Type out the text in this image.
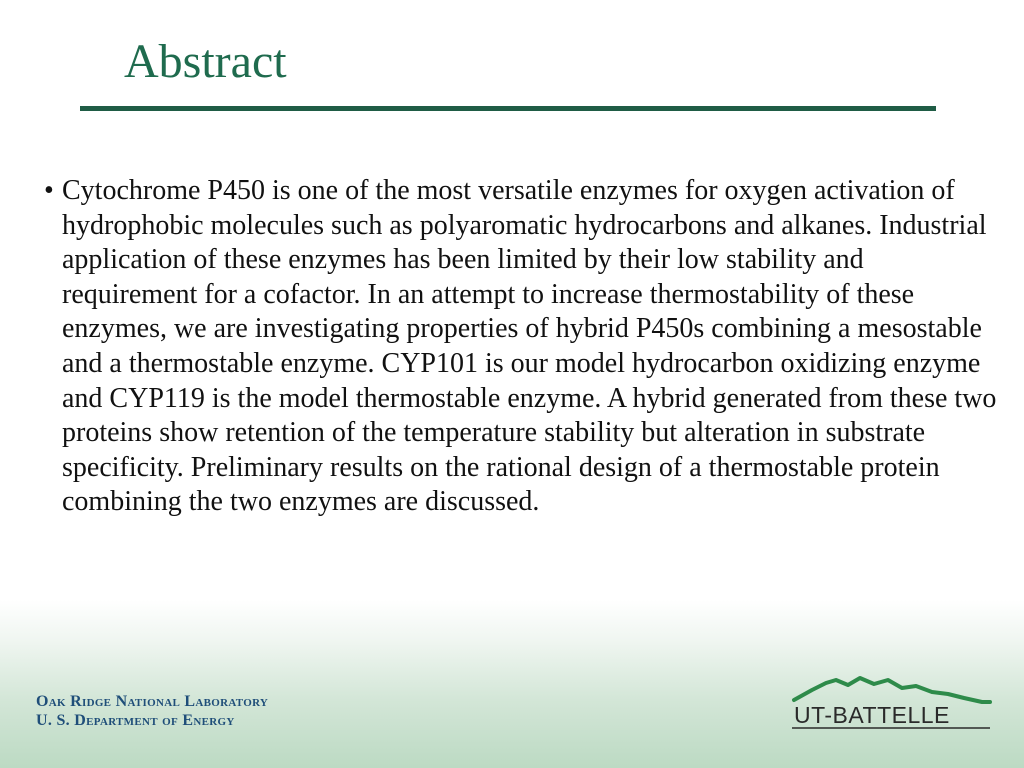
Abstract
• Cytochrome P450 is one of the most versatile enzymes for oxygen activation of hydrophobic molecules such as polyaromatic hydrocarbons and alkanes. Industrial application of these enzymes has been limited by their low stability and requirement for a cofactor. In an attempt to increase thermostability of these enzymes, we are investigating properties of hybrid P450s combining a mesostable and a thermostable enzyme. CYP101 is our model hydrocarbon oxidizing enzyme and CYP119 is the model thermostable enzyme. A hybrid generated from these two proteins show retention of the temperature stability but alteration in substrate specificity. Preliminary results on the rational design of a thermostable protein combining the two enzymes are discussed.
Oak Ridge National Laboratory
U. S. Department of Energy	UT-BATTELLE
